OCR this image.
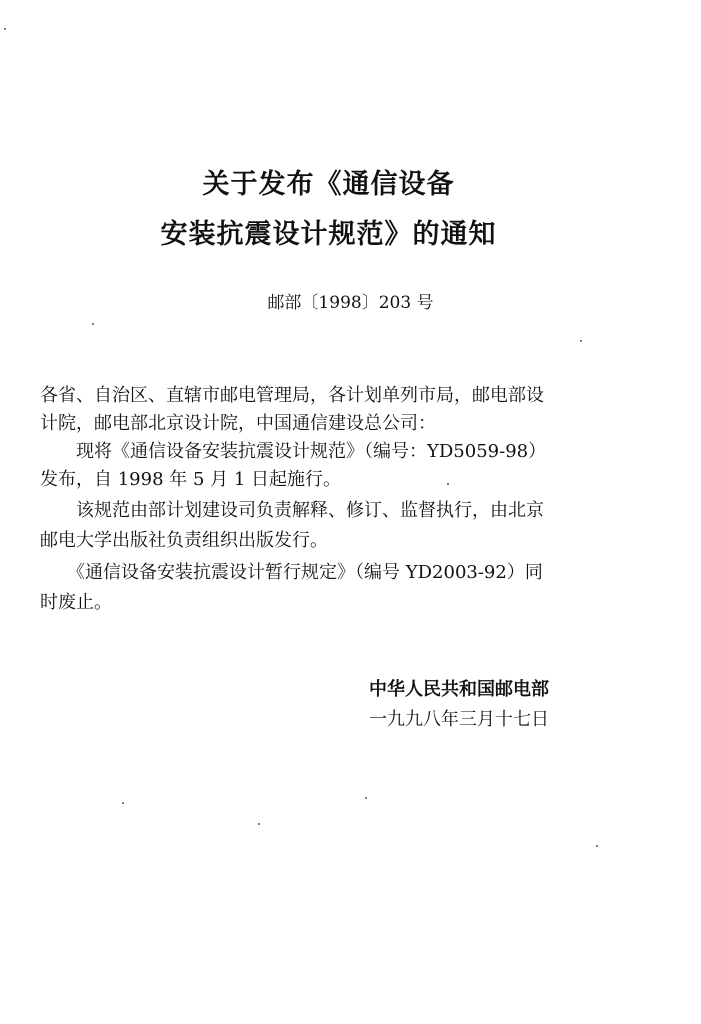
关于发布《通信设备
安装抗震设计规范》的通知
邮部〔1998〕203 号
各省、自治区、直辖市邮电管理局，各计划单列市局，邮电部设
计院，邮电部北京设计院，中国通信建设总公司：
　　现将《通信设备安装抗震设计规范》（编号：YD5059-98）
发布，自 1998 年 5 月 1 日起施行。
　　该规范由部计划建设司负责解释、修订、监督执行，由北京
邮电大学出版社负责组织出版发行。
　　《通信设备安装抗震设计暂行规定》（编号 YD2003-92）同
时废止。
中华人民共和国邮电部
一九九八年三月十七日
